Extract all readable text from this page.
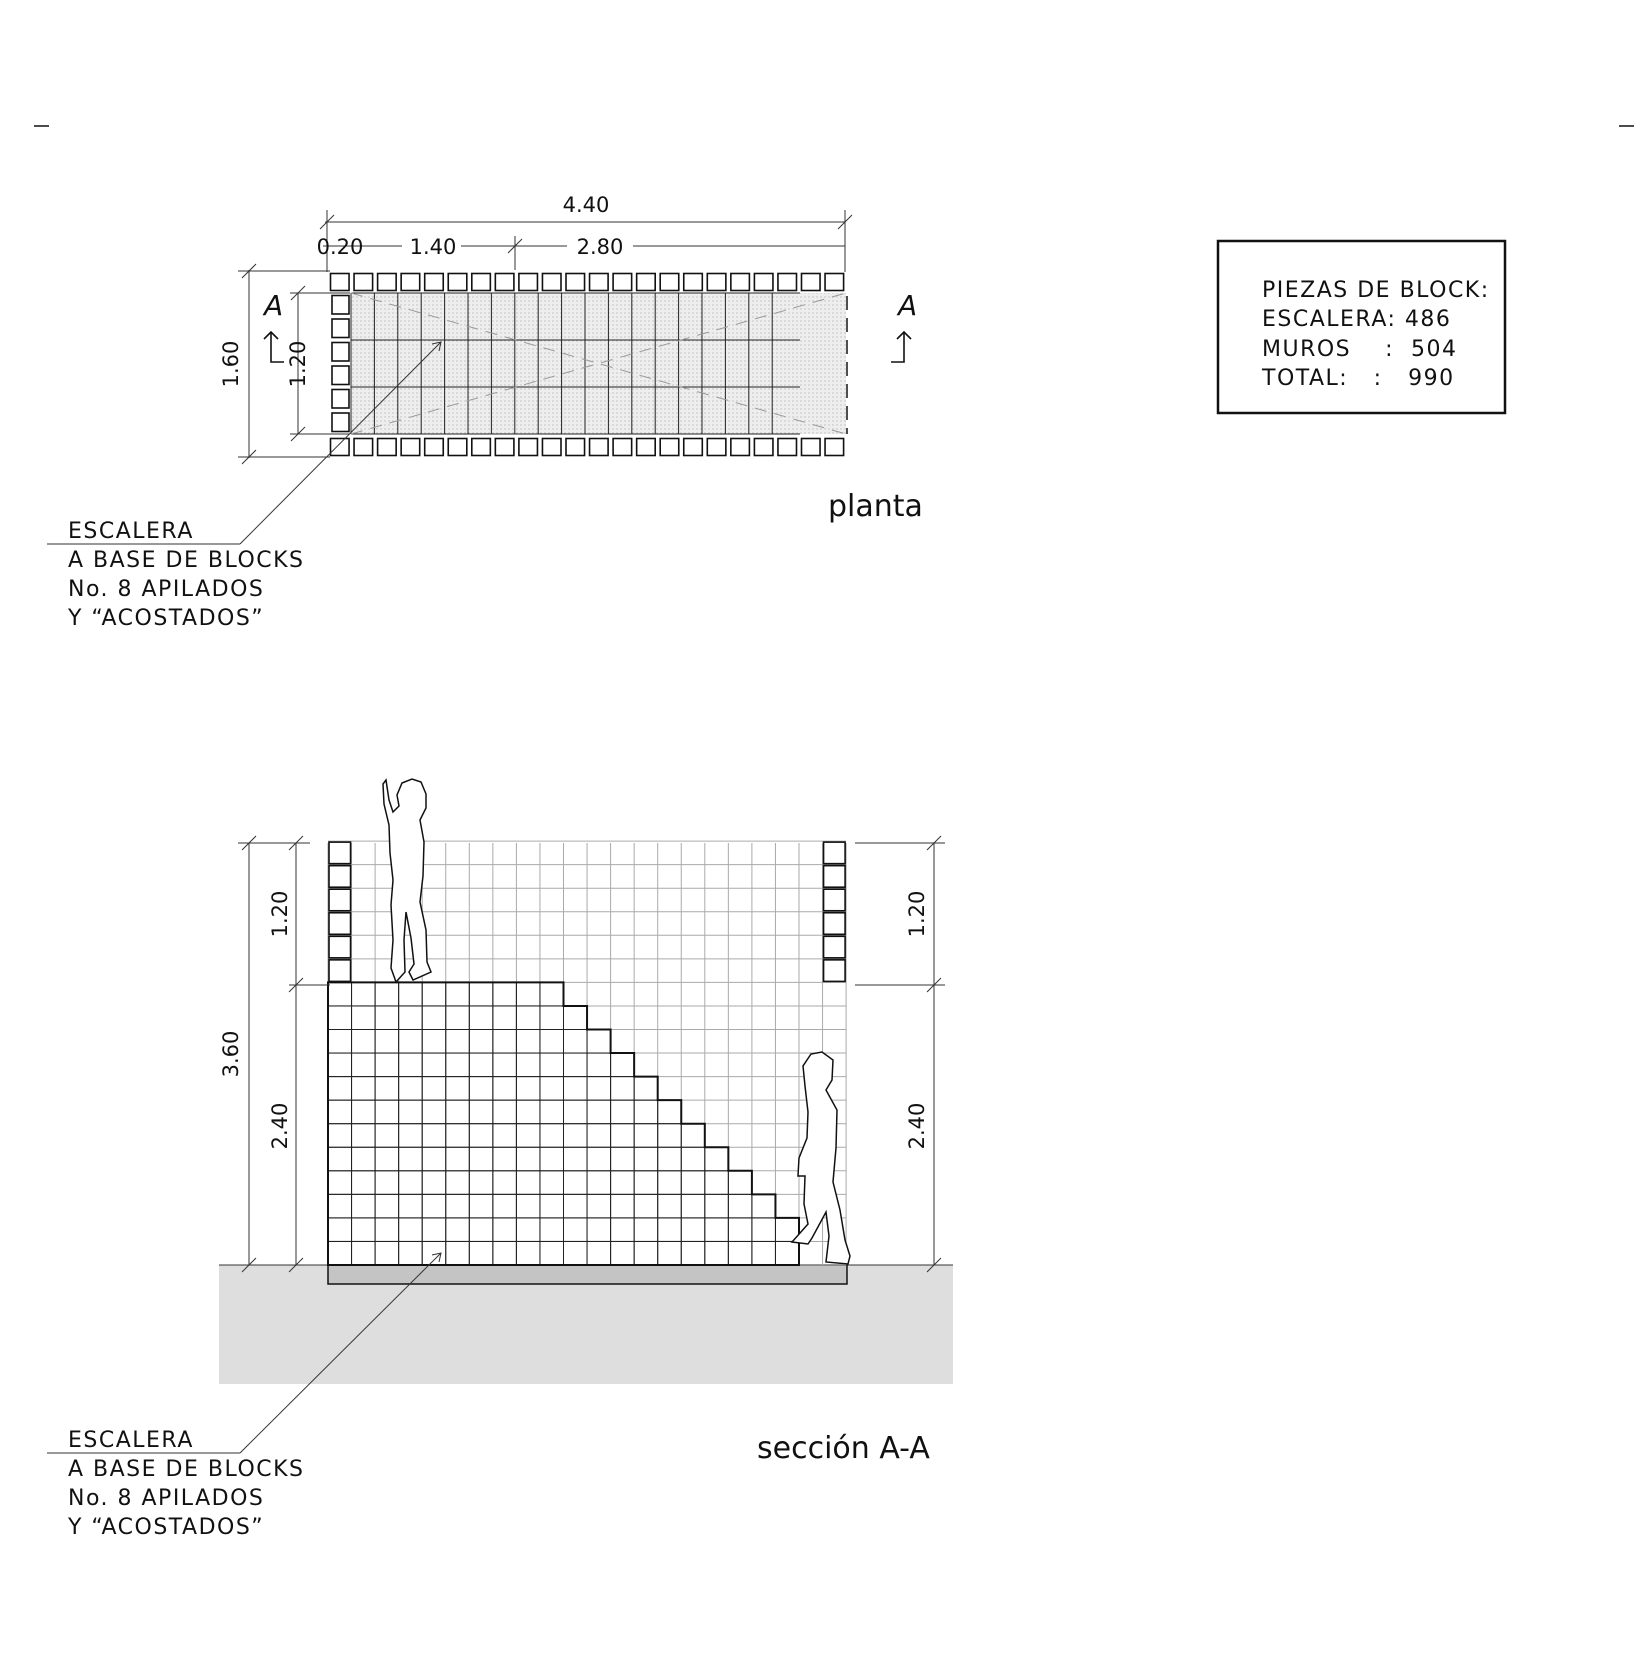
4.40
0.20 1.40	2.80
1.60 1.20
A	A
planta
ESCALERA
A BASE DE BLOCKS
No. 8 APILADOS
Y “ACOSTADOS”
PIEZAS DE BLOCK:
ESCALERA: 486
MUROS    :  504
TOTAL:   :   990
3.60
1.20
2.40
1.20
2.40
ESCALERA
A BASE DE BLOCKS
No. 8 APILADOS
Y “ACOSTADOS”
sección A-A
